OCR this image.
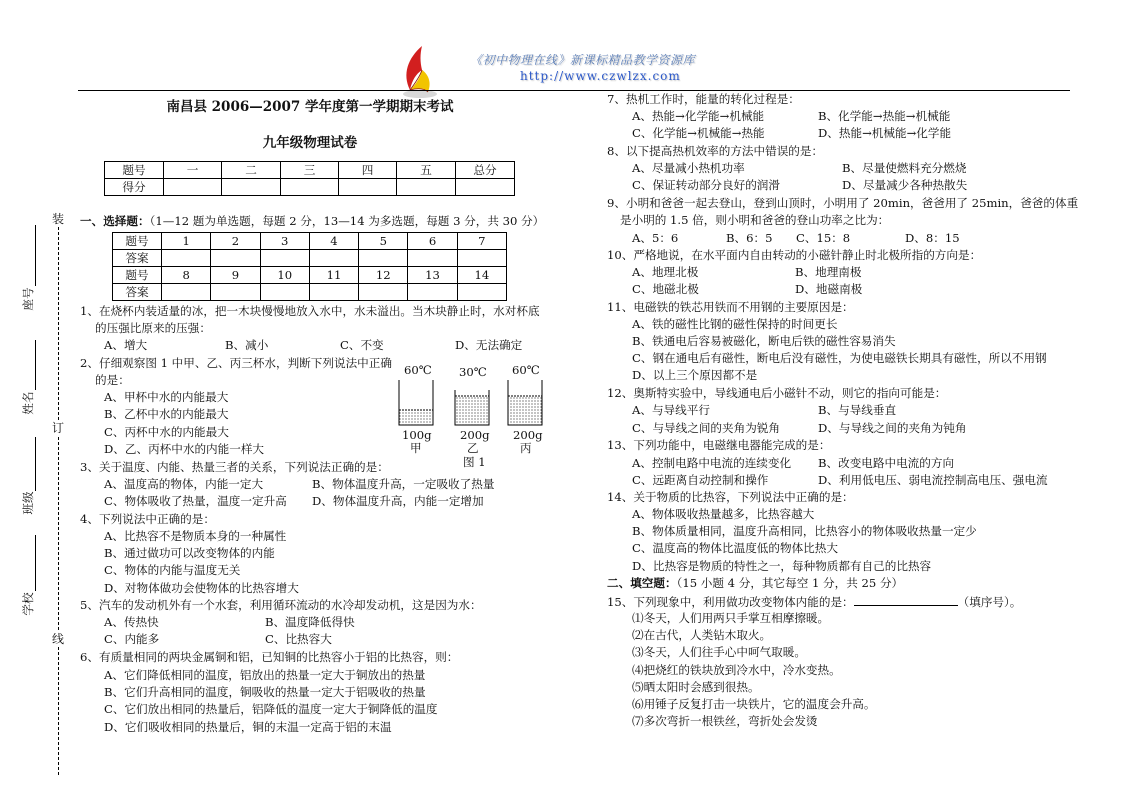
《初中物理在线》新课标精品教学资源库
http://www.czwlzx.com
装
订
线
座号
姓名
班级
学校
南昌县 2006—2007 学年度第一学期期末考试
九年级物理试卷
题号	一	二	三	四	五	总分
得分						
一、选择题：（1—12 题为单选题，每题 2 分，13—14 为多选题，每题 3 分，共 30 分）
题号	1	2	3	4	5	6	7
答案							
题号	8	9	10	11	12	13	14
答案							
1、在烧杯内装适量的冰，把一木块慢慢地放入水中，水未溢出。当木块静止时，水对杯底
的压强比原来的压强：
A、增大	B、减小	C、不变	D、无法确定
2、仔细观察图 1 中甲、乙、丙三杯水，判断下列说法中正确
的是：
A、甲杯中水的内能最大
B、乙杯中水的内能最大
C、丙杯中水的内能最大
D、乙、丙杯中水的内能一样大
60℃ 30℃ 60℃
100g 200g 200g
甲	乙	丙
图 1
3、关于温度、内能、热量三者的关系，下列说法正确的是：
A、温度高的物体，内能一定大	B、物体温度升高，一定吸收了热量
C、物体吸收了热量，温度一定升高 D、物体温度升高，内能一定增加
4、下列说法中正确的是：
A、比热容不是物质本身的一种属性
B、通过做功可以改变物体的内能
C、物体的内能与温度无关
D、对物体做功会使物体的比热容增大
5、汽车的发动机外有一个水套，利用循环流动的水冷却发动机，这是因为水：
A、传热快	B、温度降低得快
C、内能多	C、比热容大
6、有质量相同的两块金属铜和铝，已知铜的比热容小于铝的比热容，则：
A、它们降低相同的温度，铝放出的热量一定大于铜放出的热量
B、它们升高相同的温度，铜吸收的热量一定大于铝吸收的热量
C、它们放出相同的热量后，铝降低的温度一定大于铜降低的温度
D、它们吸收相同的热量后，铜的末温一定高于铝的末温
7、热机工作时，能量的转化过程是：
A、热能→化学能→机械能	B、化学能→热能→机械能
C、化学能→机械能→热能	D、热能→机械能→化学能
8、以下提高热机效率的方法中错误的是：
A、尽量减小热机功率	B、尽量使燃料充分燃烧
C、保证转动部分良好的润滑	D、尽量减少各种热散失
9、小明和爸爸一起去登山，登到山顶时，小明用了 20min，爸爸用了 25min，爸爸的体重
是小明的 1.5 倍，则小明和爸爸的登山功率之比为：
A、5：6	B、6：5 C、15：8	D、8：15
10、严格地说，在水平面内自由转动的小磁针静止时北极所指的方向是：
A、地理北极	B、地理南极
C、地磁北极	D、地磁南极
11、电磁铁的铁芯用铁而不用钢的主要原因是：
A、铁的磁性比钢的磁性保持的时间更长
B、铁通电后容易被磁化，断电后铁的磁性容易消失
C、钢在通电后有磁性，断电后没有磁性，为使电磁铁长期具有磁性，所以不用钢
D、以上三个原因都不是
12、奥斯特实验中，导线通电后小磁针不动，则它的指向可能是：
A、与导线平行	B、与导线垂直
C、与导线之间的夹角为锐角	D、与导线之间的夹角为钝角
13、下列功能中，电磁继电器能完成的是：
A、控制电路中电流的连续变化 B、改变电路中电流的方向
C、远距离自动控制和操作	D、利用低电压、弱电流控制高电压、强电流
14、关于物质的比热容，下列说法中正确的是：
A、物体吸收热量越多，比热容越大
B、物体质量相同，温度升高相同，比热容小的物体吸收热量一定少
C、温度高的物体比温度低的物体比热大
D、比热容是物质的特性之一，每种物质都有自己的比热容
二、填空题：（15 小题 4 分，其它每空 1 分，共 25 分）
15、下列现象中，利用做功改变物体内能的是：	（填序号）。
⑴冬天，人们用两只手掌互相摩擦暖。
⑵在古代，人类钻木取火。
⑶冬天，人们往手心中呵气取暖。
⑷把烧红的铁块放到冷水中，冷水变热。
⑸晒太阳时会感到很热。
⑹用锤子反复打击一块铁片，它的温度会升高。
⑺多次弯折一根铁丝，弯折处会发烫
